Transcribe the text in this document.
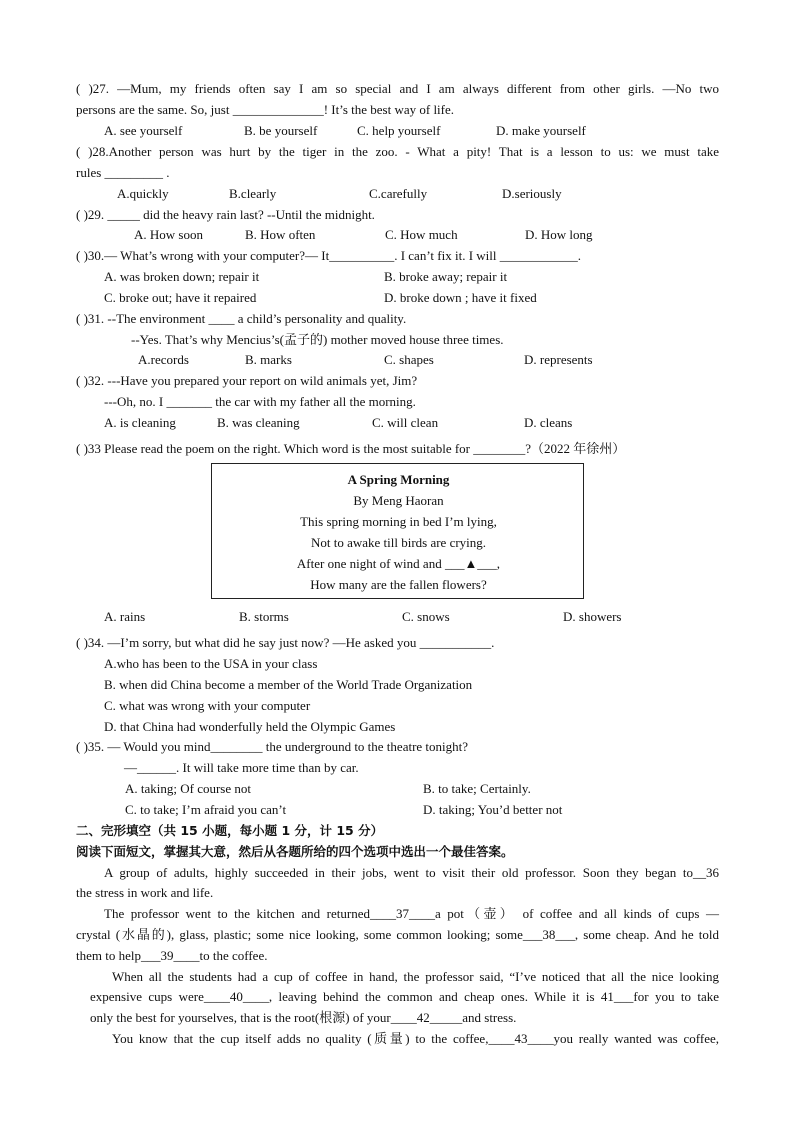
( )27. —Mum, my friends often say I am so special and I am always different from other girls. —No two
persons are the same. So, just ______________! It’s the best way of life.
A. see yourself	B. be yourself	C. help yourself	D. make yourself
( )28.Another person was hurt by the tiger in the zoo. - What a pity! That is a lesson to us: we must take
rules _________ .
A.quickly	B.clearly	C.carefully	D.seriously
( )29. _____ did the heavy rain last? --Until the midnight.
A. How soon	B. How often	C. How much	D. How long
( )30.— What’s wrong with your computer?— It__________. I can’t fix it. I will ____________.
A. was broken down; repair it	B. broke away; repair it
C. broke out; have it repaired	D. broke down ; have it fixed
( )31. --The environment ____ a child’s personality and quality.
--Yes. That’s why Mencius’s(孟子的) mother moved house three times.
A.records	B. marks	C. shapes	D. represents
( )32. ---Have you prepared your report on wild animals yet, Jim?
---Oh, no. I _______ the car with my father all the morning.
A. is cleaning	B. was cleaning	C. will clean	D. cleans
( )33 Please read the poem on the right. Which word is the most suitable for ________?（2022 年徐州）
A Spring Morning
By Meng Haoran
This spring morning in bed I’m lying,
Not to awake till birds are crying.
After one night of wind and ___▲___,
How many are the fallen flowers?
A. rains	B. storms	C. snows	D. showers
( )34. —I’m sorry, but what did he say just now? —He asked you ___________.
A.who has been to the USA in your class
B. when did China become a member of the World Trade Organization
C. what was wrong with your computer
D. that China had wonderfully held the Olympic Games
( )35. — Would you mind________ the underground to the theatre tonight?
—______. It will take more time than by car.
A. taking; Of course not	B. to take; Certainly.
C. to take; I’m afraid you can’t	D. taking; You’d better not
二、完形填空（共 15 小题，每小题 1 分，计 15 分）
阅读下面短文，掌握其大意，然后从各题所给的四个选项中选出一个最佳答案。
A group of adults, highly succeeded in their jobs, went to visit their old professor. Soon they began to__36
the stress in work and life.
The professor went to the kitchen and returned____37____a pot（壶） of coffee and all kinds of cups —
crystal (水晶的), glass, plastic; some nice looking, some common looking; some___38___, some cheap. And he told
them to help___39____to the coffee.
When all the students had a cup of coffee in hand, the professor said, “I’ve noticed that all the nice looking
expensive cups were____40____, leaving behind the common and cheap ones. While it is 41___for you to take
only the best for yourselves, that is the root(根源) of your____42_____and stress.
You know that the cup itself adds no quality (质量) to the coffee,____43____you really wanted was coffee,
